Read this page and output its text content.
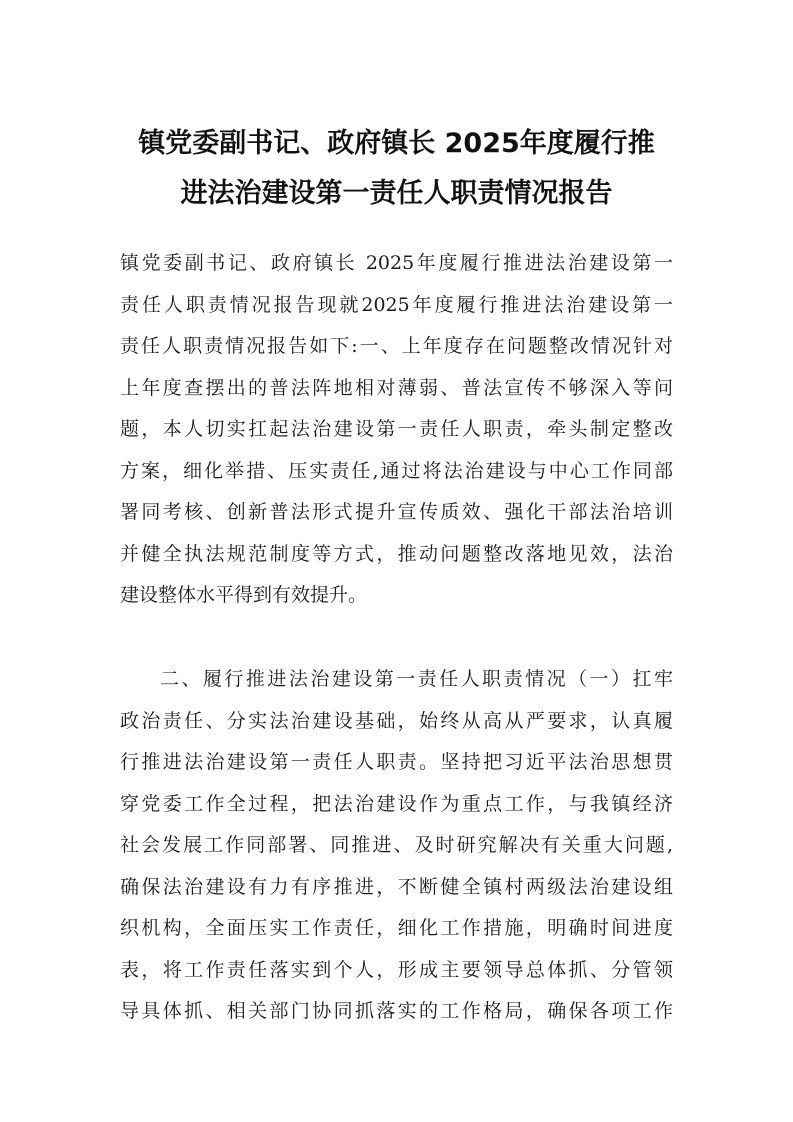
镇党委副书记、政府镇长 2025年度履行推
进法治建设第一责任人职责情况报告
镇党委副书记、政府镇长 2025年度履行推进法治建设第一
责任人职责情况报告现就2025年度履行推进法治建设第一
责任人职责情况报告如下:一、上年度存在问题整改情况针对
上年度查摆出的普法阵地相对薄弱、普法宣传不够深入等问
题，本人切实扛起法治建设第一责任人职责，牵头制定整改
方案，细化举措、压实责任,通过将法治建设与中心工作同部
署同考核、创新普法形式提升宣传质效、强化干部法治培训
并健全执法规范制度等方式，推动问题整改落地见效，法治
建设整体水平得到有效提升。
二、履行推进法治建设第一责任人职责情况（一）扛牢
政治责任、分实法治建设基础，始终从高从严要求，认真履
行推进法治建设第一责任人职责。坚持把习近平法治思想贯
穿党委工作全过程，把法治建设作为重点工作，与我镇经济
社会发展工作同部署、同推进、及时研究解决有关重大问题,
确保法治建设有力有序推进，不断健全镇村两级法治建设组
织机构，全面压实工作责任，细化工作措施，明确时间进度
表，将工作责任落实到个人，形成主要领导总体抓、分管领
导具体抓、相关部门协同抓落实的工作格局，确保各项工作
